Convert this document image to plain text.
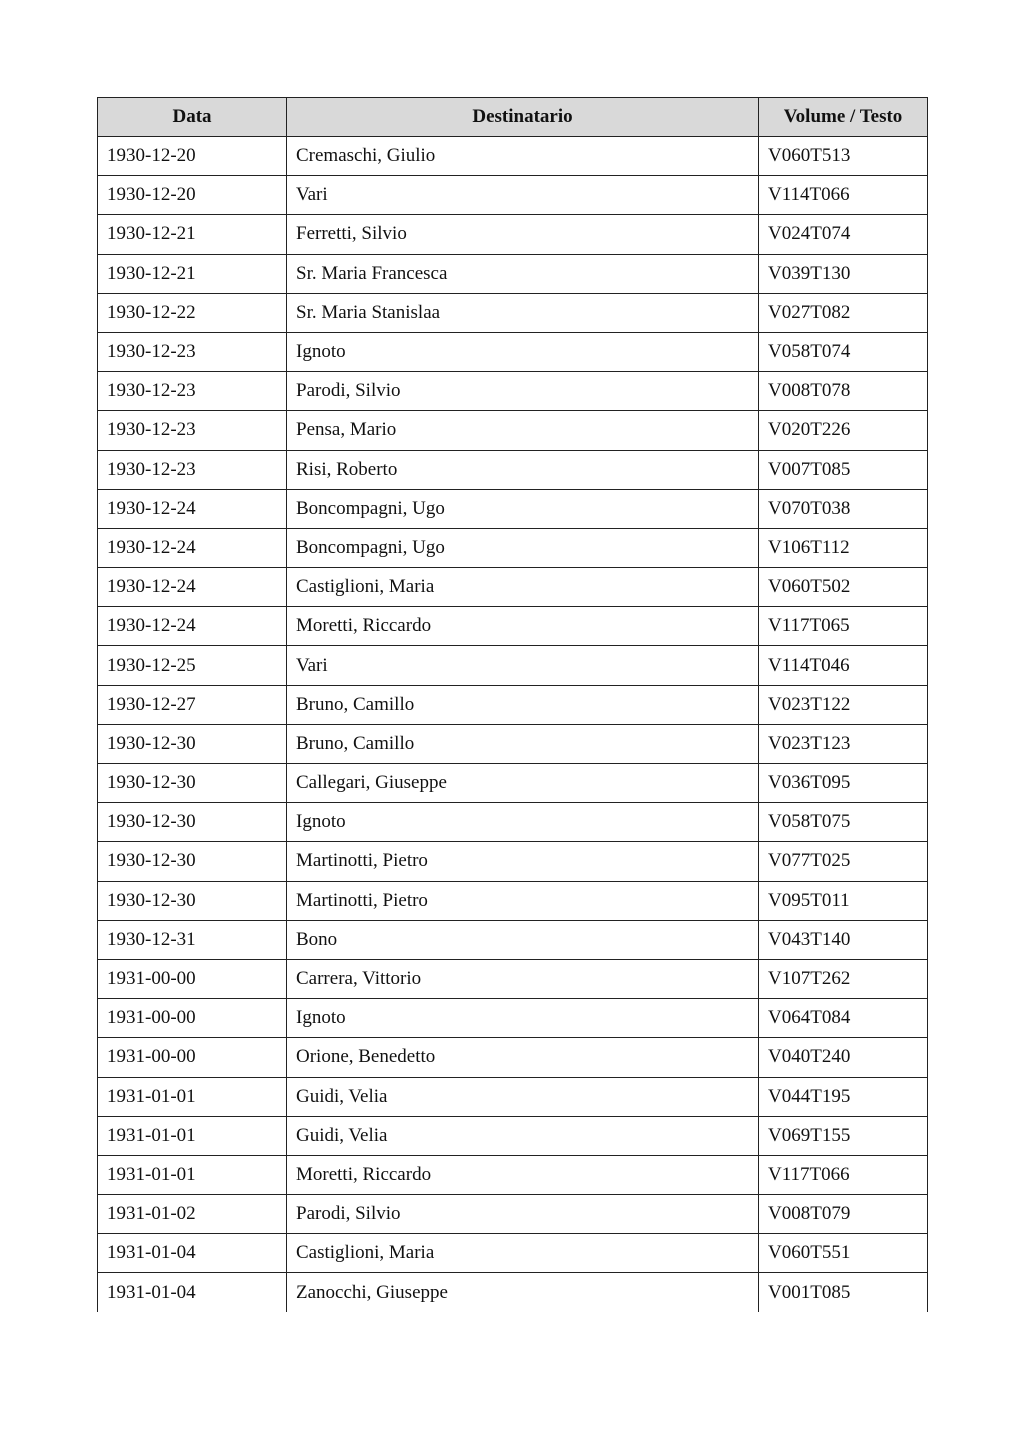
Data	Destinatario	Volume / Testo
1930-12-20	Cremaschi, Giulio	V060T513
1930-12-20	Vari	V114T066
1930-12-21	Ferretti, Silvio	V024T074
1930-12-21	Sr. Maria Francesca	V039T130
1930-12-22	Sr. Maria Stanislaa	V027T082
1930-12-23	Ignoto	V058T074
1930-12-23	Parodi, Silvio	V008T078
1930-12-23	Pensa, Mario	V020T226
1930-12-23	Risi, Roberto	V007T085
1930-12-24	Boncompagni, Ugo	V070T038
1930-12-24	Boncompagni, Ugo	V106T112
1930-12-24	Castiglioni, Maria	V060T502
1930-12-24	Moretti, Riccardo	V117T065
1930-12-25	Vari	V114T046
1930-12-27	Bruno, Camillo	V023T122
1930-12-30	Bruno, Camillo	V023T123
1930-12-30	Callegari, Giuseppe	V036T095
1930-12-30	Ignoto	V058T075
1930-12-30	Martinotti, Pietro	V077T025
1930-12-30	Martinotti, Pietro	V095T011
1930-12-31	Bono	V043T140
1931-00-00	Carrera, Vittorio	V107T262
1931-00-00	Ignoto	V064T084
1931-00-00	Orione, Benedetto	V040T240
1931-01-01	Guidi, Velia	V044T195
1931-01-01	Guidi, Velia	V069T155
1931-01-01	Moretti, Riccardo	V117T066
1931-01-02	Parodi, Silvio	V008T079
1931-01-04	Castiglioni, Maria	V060T551
1931-01-04	Zanocchi, Giuseppe	V001T085
